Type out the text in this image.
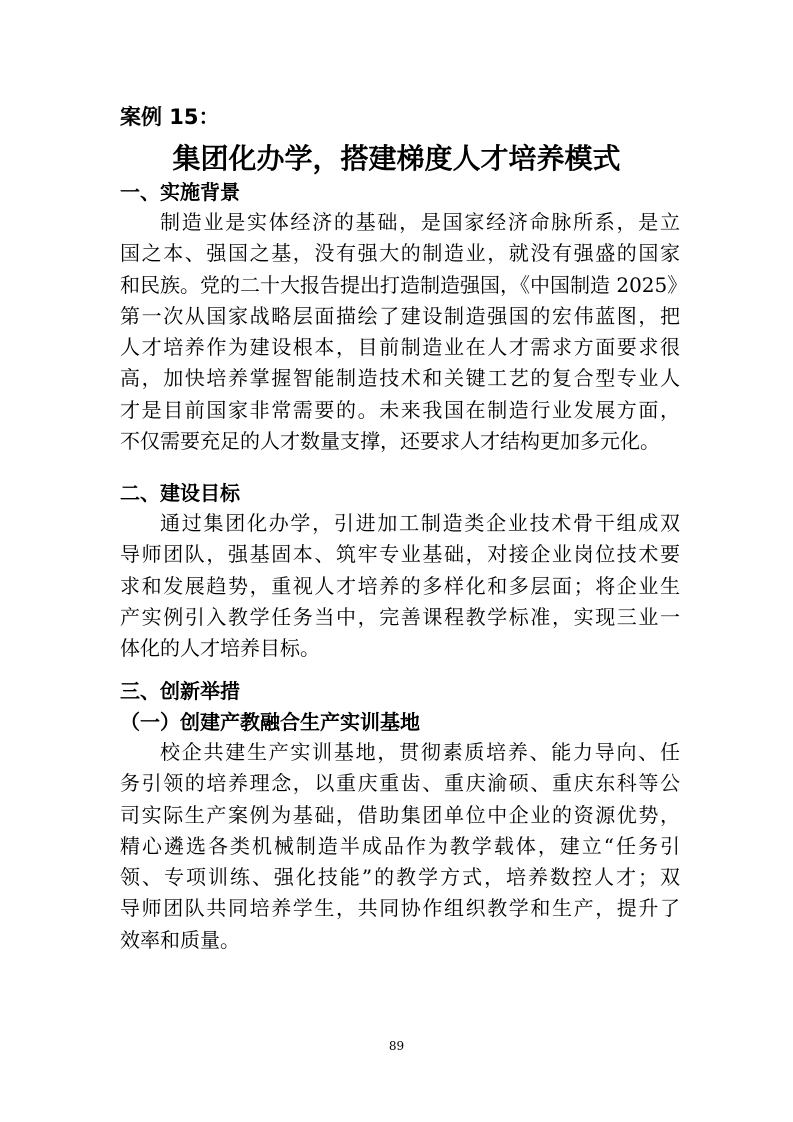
案例 15：
集团化办学，搭建梯度人才培养模式
一、实施背景
制造业是实体经济的基础，是国家经济命脉所系，是立
国之本、强国之基，没有强大的制造业，就没有强盛的国家
和民族。党的二十大报告提出打造制造强国，《中国制造 2025》
第一次从国家战略层面描绘了建设制造强国的宏伟蓝图，把
人才培养作为建设根本，目前制造业在人才需求方面要求很
高，加快培养掌握智能制造技术和关键工艺的复合型专业人
才是目前国家非常需要的。未来我国在制造行业发展方面，
不仅需要充足的人才数量支撑，还要求人才结构更加多元化。
二、建设目标
通过集团化办学，引进加工制造类企业技术骨干组成双
导师团队，强基固本、筑牢专业基础，对接企业岗位技术要
求和发展趋势，重视人才培养的多样化和多层面；将企业生
产实例引入教学任务当中，完善课程教学标准，实现三业一
体化的人才培养目标。
三、创新举措
（一）创建产教融合生产实训基地
校企共建生产实训基地，贯彻素质培养、能力导向、任
务引领的培养理念，以重庆重齿、重庆渝硕、重庆东科等公
司实际生产案例为基础，借助集团单位中企业的资源优势，
精心遴选各类机械制造半成品作为教学载体，建立“任务引
领、专项训练、强化技能”的教学方式，培养数控人才；双
导师团队共同培养学生，共同协作组织教学和生产，提升了
效率和质量。
89
